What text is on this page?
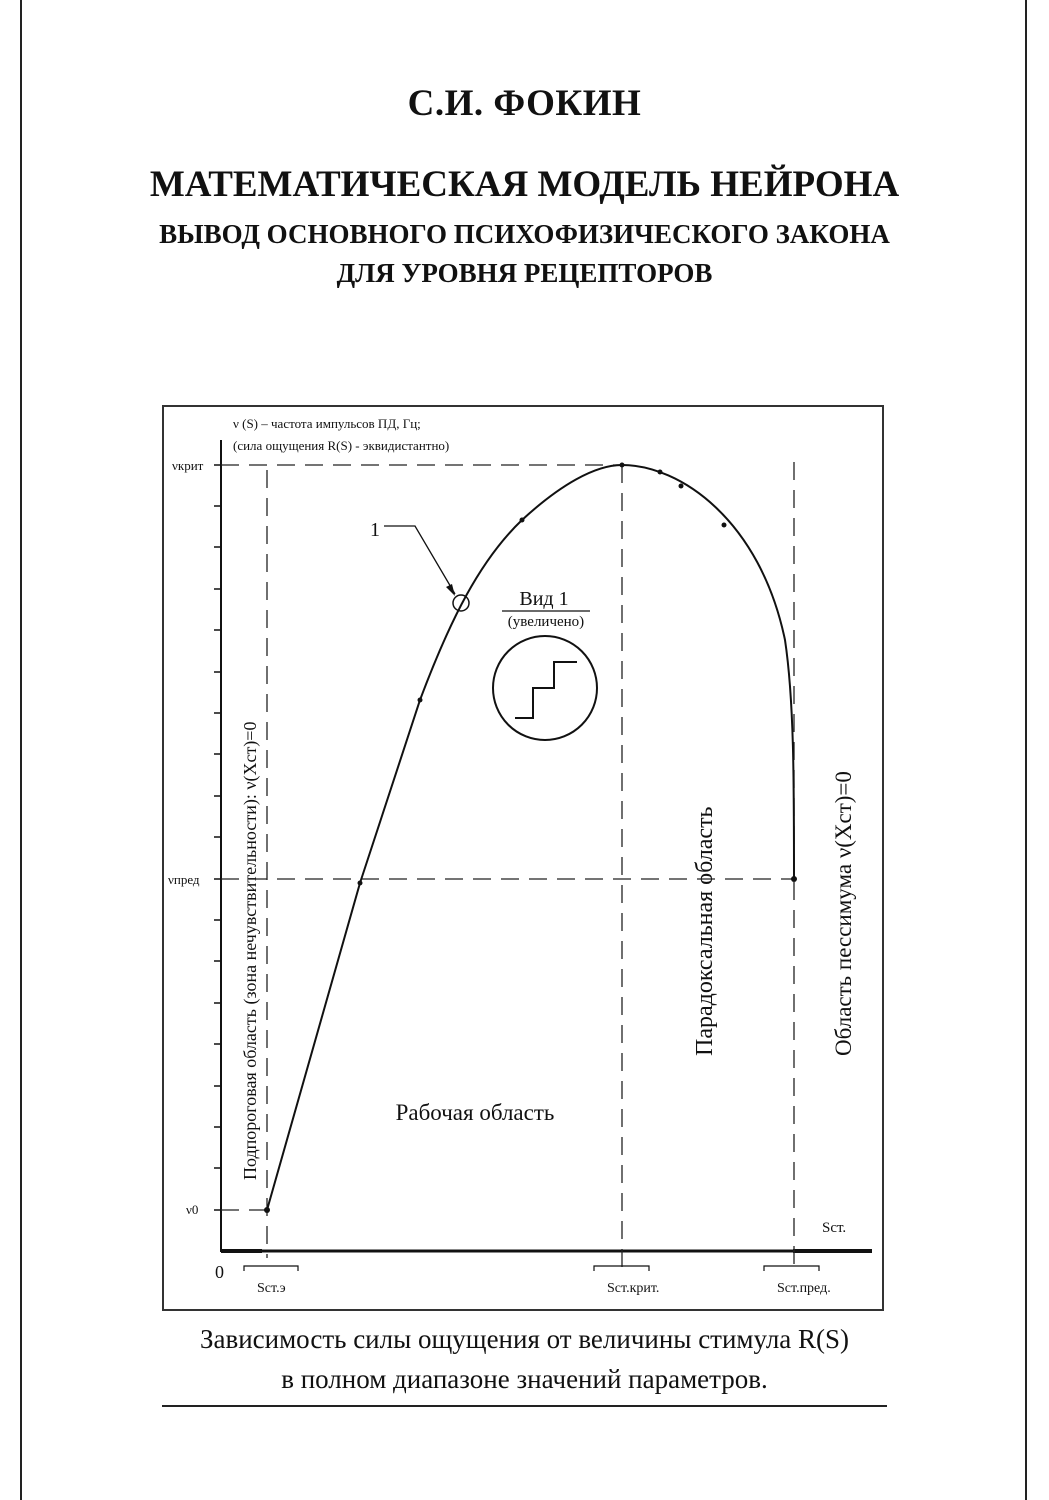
С.И. ФОКИН
МАТЕМАТИЧЕСКАЯ МОДЕЛЬ НЕЙРОНА
ВЫВОД ОСНОВНОГО ПСИХОФИЗИЧЕСКОГО ЗАКОНА
ДЛЯ УРОВНЯ РЕЦЕПТОРОВ
1
Вид 1
(увеличено)
ν (S) – частота импульсов ПД, Гц;
(сила ощущения R(S) - эквидистантно)
νкрит
νпред
ν0
0
Sст.
Sст.э	Sст.крит.	Sст.пред.
Подпороговая область (зона нечувствительности): ν(Xст)=0	Рабочая область
Парадоксальная область	Область пессимума ν(Xст)=0
Зависимость силы ощущения от величины стимула R(S)
в полном диапазоне значений параметров.
